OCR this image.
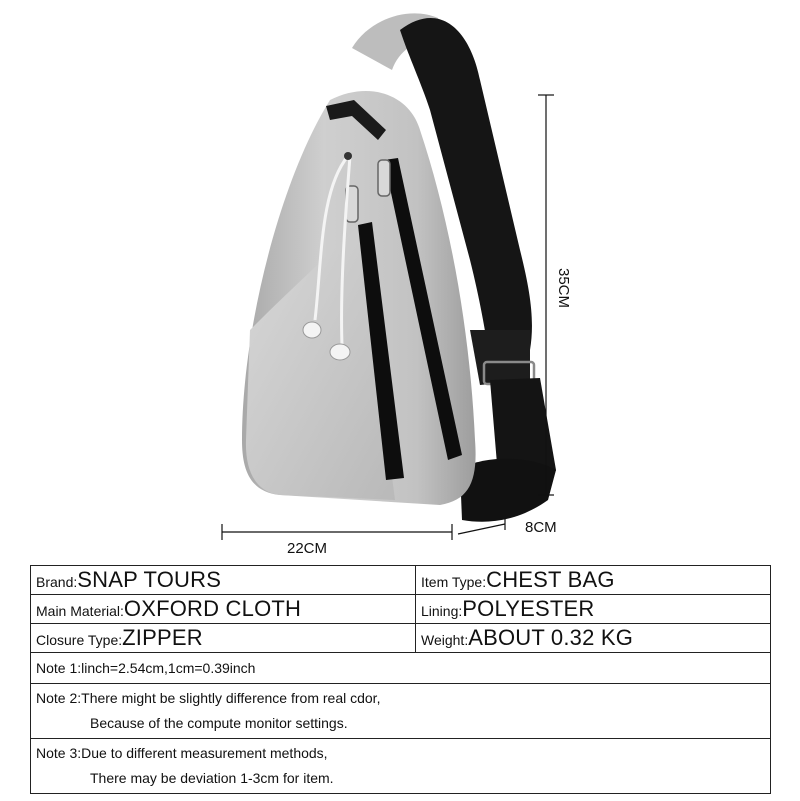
35CM
22CM
8CM
Brand:SNAP TOURS	Item Type:CHEST BAG
Main Material:OXFORD CLOTH	Lining:POLYESTER
Closure Type:ZIPPER	Weight:ABOUT 0.32 KG
Note 1:linch=2.54cm,1cm=0.39inch	
Note 2:There might be slightly difference from real cdor,
Because of the compute monitor settings.	

Note 3:Due to different measurement methods,
There may be deviation 1-3cm for item.	
